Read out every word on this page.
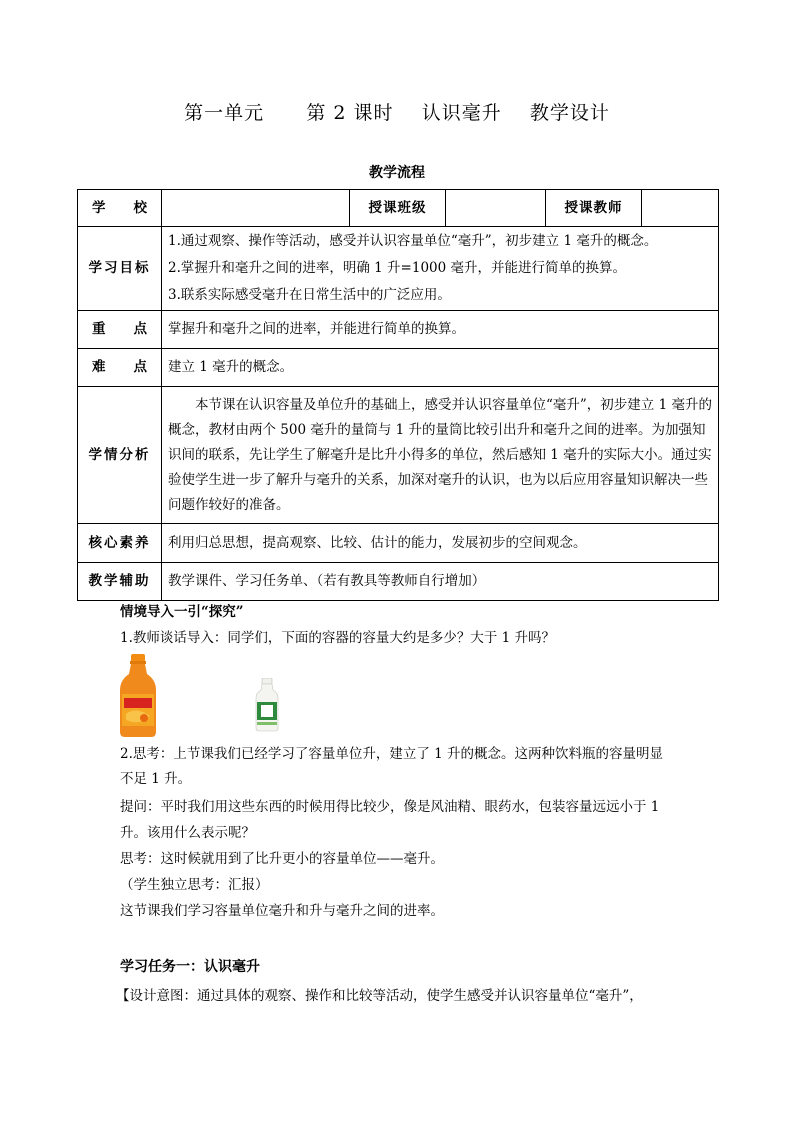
第一单元      第 2 课时    认识毫升    教学设计
教学流程
学 校		授课班级		授课教师	
学习目标	1.通过观察、操作等活动，感受并认识容量单位“毫升”，初步建立 1 毫升的概念。
2.掌握升和毫升之间的进率，明确 1 升=1000 毫升，并能进行简单的换算。
3.联系实际感受毫升在日常生活中的广泛应用。				

重 点	掌握升和毫升之间的进率，并能进行简单的换算。				

难 点	建立 1 毫升的概念。				
学情分析	本节课在认识容量及单位升的基础上，感受并认识容量单位“毫升”，初步建立 1 毫升的概念，教材由两个 500 毫升的量筒与 1 升的量筒比较引出升和毫升之间的进率。为加强知识间的联系，先让学生了解毫升是比升小得多的单位，然后感知 1 毫升的实际大小。通过实验使学生进一步了解升与毫升的关系，加深对毫升的认识，也为以后应用容量知识解决一些问题作较好的准备。				
核心素养	利用归总思想，提高观察、比较、估计的能力，发展初步的空间观念。				
教学辅助	教学课件、学习任务单、（若有教具等教师自行增加）				
情境导入一引“探究”
1.教师谈话导入：同学们，下面的容器的容量大约是多少？大于 1 升吗？
2.思考：上节课我们已经学习了容量单位升，建立了 1 升的概念。这两种饮料瓶的容量明显
不足 1 升。
提问：平时我们用这些东西的时候用得比较少，像是风油精、眼药水，包装容量远远小于 1
升。该用什么表示呢？
思考：这时候就用到了比升更小的容量单位——毫升。
（学生独立思考：汇报）
这节课我们学习容量单位毫升和升与毫升之间的进率。
学习任务一：认识毫升
【设计意图：通过具体的观察、操作和比较等活动，使学生感受并认识容量单位“毫升”，
